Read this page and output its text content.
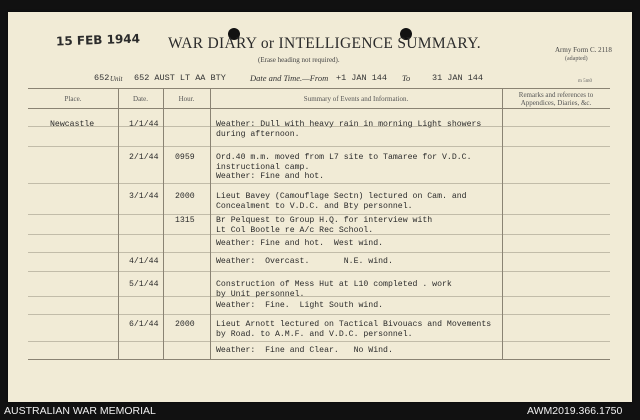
15 FEB 1944 WAR DIARY or INTELLIGENCE SUMMARY.
(Erase heading not required).
Army Form C. 2118
(adapted)
m 5m0
652 Unit 652 AUST LT AA BTY	Date and Time.—From +1 JAN 144 To	31 JAN 144
Place.	Date.	Hour.	Summary of Events and Information.	Remarks and references to Appendices, Diaries, &c.
Newcastle	1/1/44	Weather: Dull with heavy rain in morning Light showers
during afternoon.
2/1/44 0959	Ord.40 m.m. moved from L7 site to Tamaree for V.D.C.
instructional camp.
Weather: Fine and hot.
3/1/44 2000	Lieut Bavey (Camouflage Sectn) lectured on Cam. and
Concealment to V.D.C. and Bty personnel.
1315	Br Pelquest to Group H.Q. for interview with
Lt Col Bootle re A/c Rec School.
Weather: Fine and hot.  West wind.
4/1/44	Weather:  Overcast.       N.E. wind.
5/1/44	Construction of Mess Hut at L10 completed . work
by Unit personnel.
Weather:  Fine.  Light South wind.
6/1/44 2000	Lieut Arnott lectured on Tactical Bivouacs and Movements
by Road. to A.M.F. and V.D.C. personnel.
Weather:  Fine and Clear.   No Wind.
AUSTRALIAN WAR MEMORIAL	AWM2019.366.1750
